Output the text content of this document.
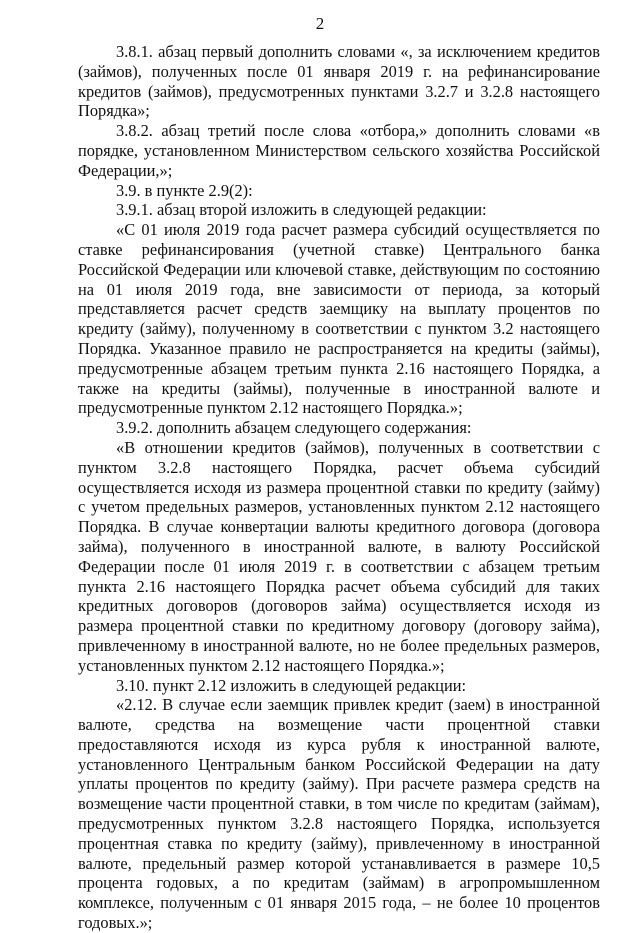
2

3.8.1. абзац первый дополнить словами «, за исключением кредитов (займов), полученных после 01 января 2019 г. на рефинансирование кредитов (займов), предусмотренных пунктами 3.2.7 и 3.2.8 настоящего Порядка»;

3.8.2. абзац третий после слова «отбора,» дополнить словами «в порядке, установленном Министерством сельского хозяйства Российской Федерации,»;

3.9. в пункте 2.9(2):

3.9.1. абзац второй изложить в следующей редакции:

«С 01 июля 2019 года расчет размера субсидий осуществляется по ставке рефинансирования (учетной ставке) Центрального банка Российской Федерации или ключевой ставке, действующим по состоянию на 01 июля 2019 года, вне зависимости от периода, за который представляется расчет средств заемщику на выплату процентов по кредиту (займу), полученному в соответствии с пунктом 3.2 настоящего Порядка. Указанное правило не распространяется на кредиты (займы), предусмотренные абзацем третьим пункта 2.16 настоящего Порядка, а также на кредиты (займы), полученные в иностранной валюте и предусмотренные пунктом 2.12 настоящего Порядка.»;

3.9.2. дополнить абзацем следующего содержания:

«В отношении кредитов (займов), полученных в соответствии с пунктом 3.2.8 настоящего Порядка, расчет объема субсидий осуществляется исходя из размера процентной ставки по кредиту (займу) с учетом предельных размеров, установленных пунктом 2.12 настоящего Порядка. В случае конвертации валюты кредитного договора (договора займа), полученного в иностранной валюте, в валюту Российской Федерации после 01 июля 2019 г. в соответствии с абзацем третьим пункта 2.16 настоящего Порядка расчет объема субсидий для таких кредитных договоров (договоров займа) осуществляется исходя из размера процентной ставки по кредитному договору (договору займа), привлеченному в иностранной валюте, но не более предельных размеров, установленных пунктом 2.12 настоящего Порядка.»;

3.10. пункт 2.12 изложить в следующей редакции:

«2.12. В случае если заемщик привлек кредит (заем) в иностранной валюте, средства на возмещение части процентной ставки предоставляются исходя из курса рубля к иностранной валюте, установленного Центральным банком Российской Федерации на дату уплаты процентов по кредиту (займу). При расчете размера средств на возмещение части процентной ставки, в том числе по кредитам (займам), предусмотренных пунктом 3.2.8 настоящего Порядка, используется процентная ставка по кредиту (займу), привлеченному в иностранной валюте, предельный размер которой устанавливается в размере 10,5 процента годовых, а по кредитам (займам) в агропромышленном комплексе, полученным с 01 января 2015 года, – не более 10 процентов годовых.»;
